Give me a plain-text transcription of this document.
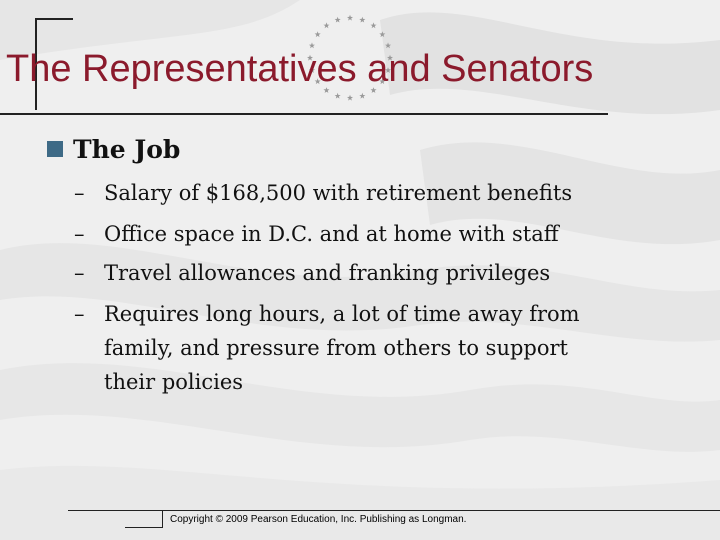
The Representatives and Senators
The Job
– Salary of $168,500 with retirement benefits
– Office space in D.C. and at home with staff
– Travel allowances and franking privileges
– Requires long hours, a lot of time away from
family, and pressure from others to support
their policies
Copyright © 2009 Pearson Education, Inc. Publishing as Longman.
